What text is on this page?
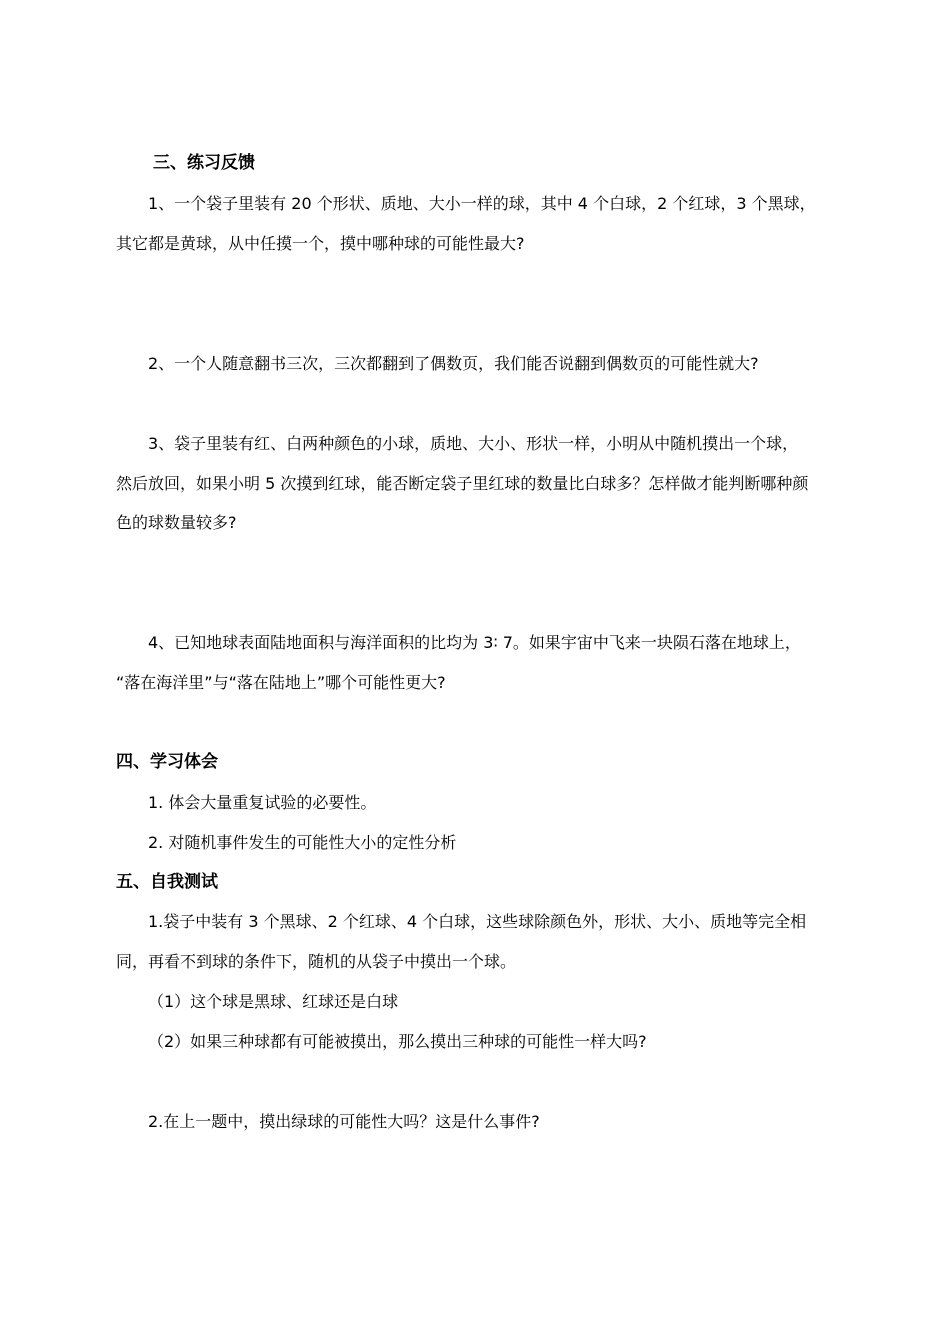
三、练习反馈
1、一个袋子里装有 20 个形状、质地、大小一样的球，其中 4 个白球，2 个红球，3 个黑球，
其它都是黄球，从中任摸一个，摸中哪种球的可能性最大?
2、一个人随意翻书三次，三次都翻到了偶数页，我们能否说翻到偶数页的可能性就大?
3、袋子里装有红、白两种颜色的小球，质地、大小、形状一样，小明从中随机摸出一个球，
然后放回，如果小明 5 次摸到红球，能否断定袋子里红球的数量比白球多？怎样做才能判断哪种颜
色的球数量较多?
4、已知地球表面陆地面积与海洋面积的比均为 3∶ 7。如果宇宙中飞来一块陨石落在地球上，
“落在海洋里”与“落在陆地上”哪个可能性更大?
四、学习体会
1. 体会大量重复试验的必要性。
2. 对随机事件发生的可能性大小的定性分析
五、自我测试
1.袋子中装有 3 个黑球、2 个红球、4 个白球，这些球除颜色外，形状、大小、质地等完全相
同，再看不到球的条件下，随机的从袋子中摸出一个球。
（1）这个球是黑球、红球还是白球
（2）如果三种球都有可能被摸出，那么摸出三种球的可能性一样大吗?
2.在上一题中，摸出绿球的可能性大吗？这是什么事件?
